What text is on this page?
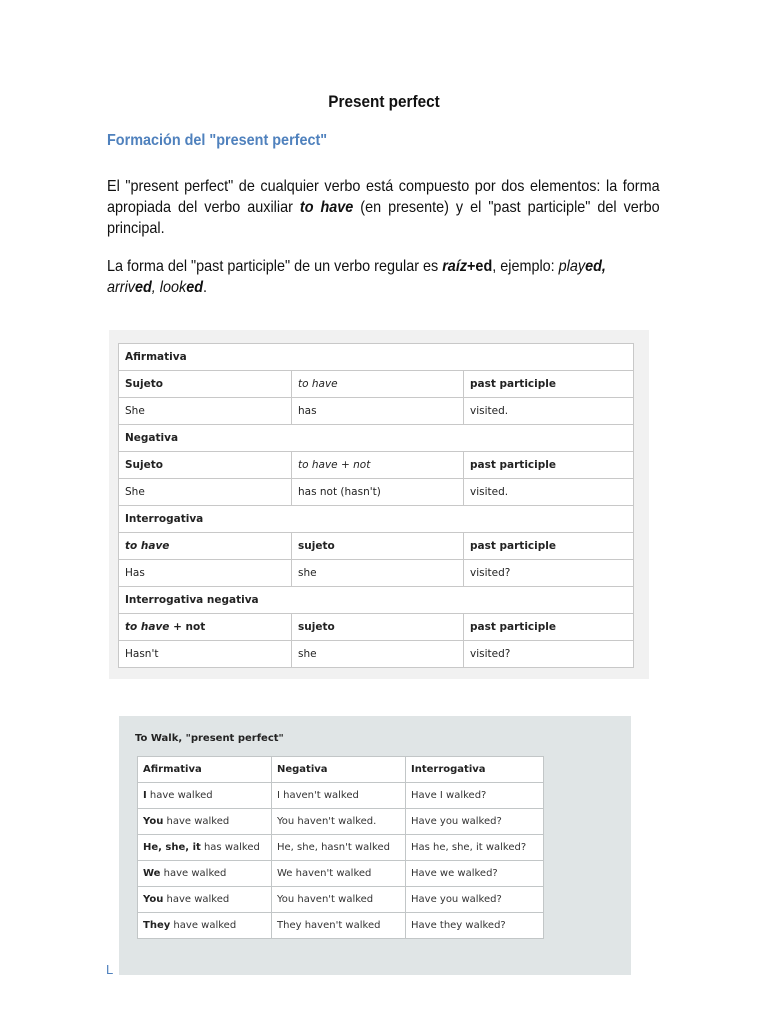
Present perfect
Formación del "present perfect"
El "present perfect" de cualquier verbo está compuesto por dos elementos: la forma apropiada del verbo auxiliar to have (en presente) y el "past participle" del verbo principal.
La forma del "past participle" de un verbo regular es raíz+ed, ejemplo: played,
arrived, looked.
Afirmativa		
Sujeto	to have	past participle
She	has	visited.
Negativa		
Sujeto	to have + not	past participle
She	has not (hasn't)	visited.
Interrogativa		
to have	sujeto	past participle
Has	she	visited?
Interrogativa negativa		
to have + not	sujeto	past participle
Hasn't	she	visited?
To Walk, "present perfect"
Afirmativa	Negativa	Interrogativa
I have walked	I haven't walked	Have I walked?
You have walked	You haven't walked.	Have you walked?
He, she, it has walked	He, she, hasn't walked	Has he, she, it walked?
We have walked	We haven't walked	Have we walked?
You have walked	You haven't walked	Have you walked?
They have walked	They haven't walked	Have they walked?
L
